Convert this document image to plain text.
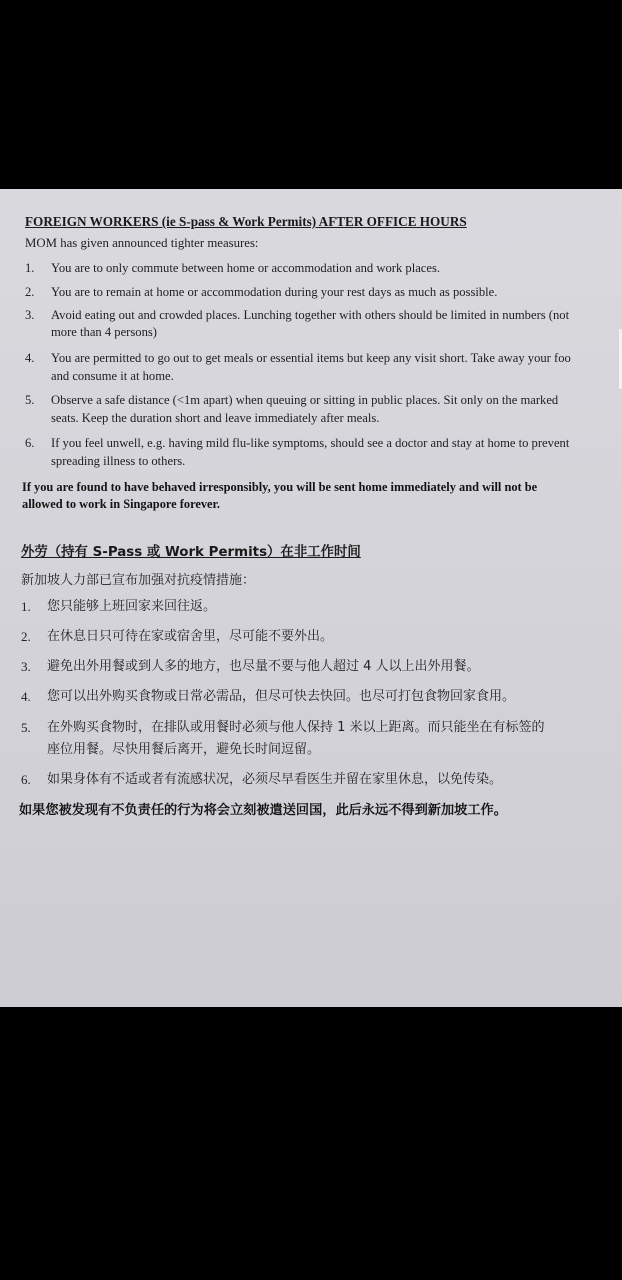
FOREIGN WORKERS (ie S-pass & Work Permits) AFTER OFFICE HOURS
MOM has given announced tighter measures:
1. You are to only commute between home or accommodation and work places.
2. You are to remain at home or accommodation during your rest days as much as possible.
3. Avoid eating out and crowded places. Lunching together with others should be limited in numbers (not
more than 4 persons)
4. You are permitted to go out to get meals or essential items but keep any visit short. Take away your foo
and consume it at home.
5. Observe a safe distance (<1m apart) when queuing or sitting in public places. Sit only on the marked
seats. Keep the duration short and leave immediately after meals.
6. If you feel unwell, e.g. having mild flu-like symptoms, should see a doctor and stay at home to prevent
spreading illness to others.
If you are found to have behaved irresponsibly, you will be sent home immediately and will not be
allowed to work in Singapore forever.
外劳（持有 S-Pass 或 Work Permits）在非工作时间
新加坡人力部已宣布加强对抗疫情措施：
1. 您只能够上班回家来回往返。
2. 在休息日只可待在家或宿舍里，尽可能不要外出。
3. 避免出外用餐或到人多的地方，也尽量不要与他人超过 4 人以上出外用餐。
4. 您可以出外购买食物或日常必需品，但尽可快去快回。也尽可打包食物回家食用。
5. 在外购买食物时，在排队或用餐时必须与他人保持 1 米以上距离。而只能坐在有标签的
座位用餐。尽快用餐后离开，避免长时间逗留。
6. 如果身体有不适或者有流感状况，必须尽早看医生并留在家里休息，以免传染。
如果您被发现有不负责任的行为将会立刻被遣送回国，此后永远不得到新加坡工作。
